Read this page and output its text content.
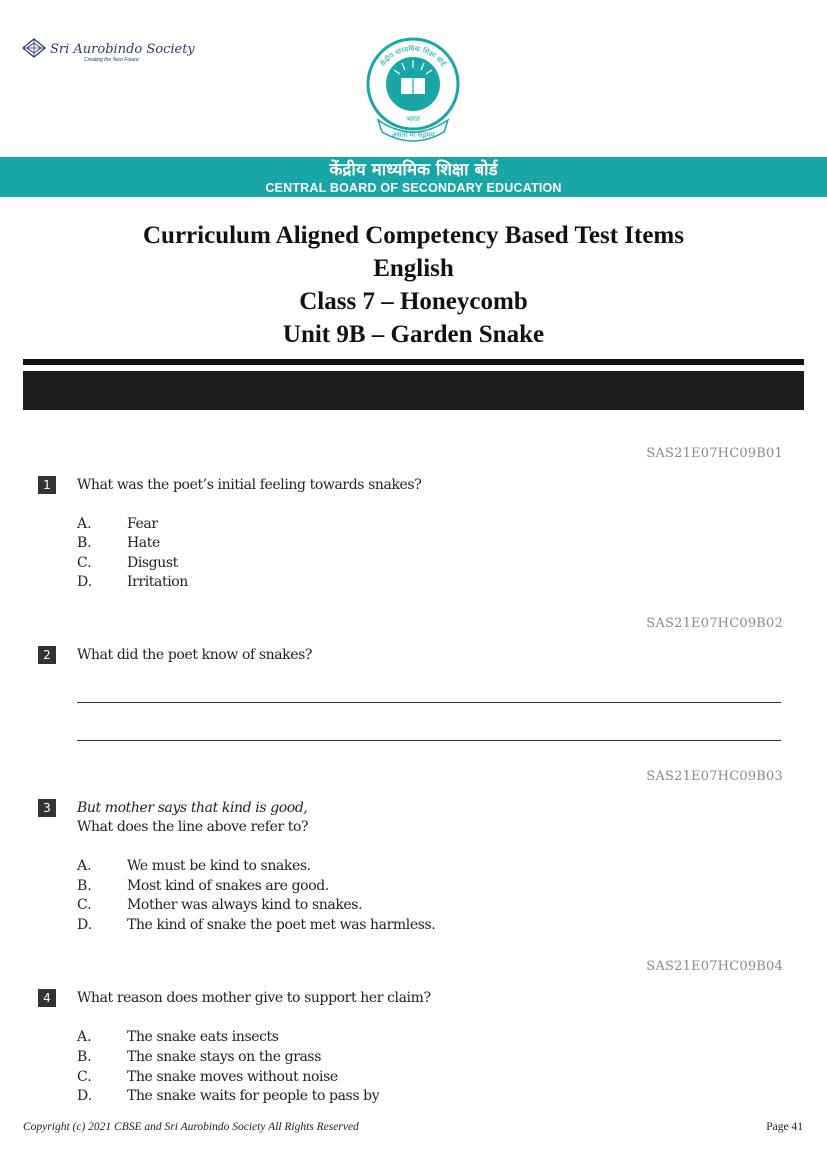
Sri Aurobindo Society
Creating the Next Future	केंद्रीय माध्यमिक शिक्षा बोर्ड
भारत
असतो मा सद्गमय
केंद्रीय माध्यमिक शिक्षा बोर्ड
CENTRAL BOARD OF SECONDARY EDUCATION
Curriculum Aligned Competency Based Test Items
English
Class 7 – Honeycomb
Unit 9B – Garden Snake
SAS21E07HC09B01
1	What was the poet’s initial feeling towards snakes?
A.	Fear
B.	Hate
C.	Disgust
D. Irritation
SAS21E07HC09B02
2	What did the poet know of snakes?
SAS21E07HC09B03
3	But mother says that kind is good,
What does the line above refer to?
A.	We must be kind to snakes.
B.	Most kind of snakes are good.
C.	Mother was always kind to snakes.
D. The kind of snake the poet met was harmless.
SAS21E07HC09B04
4	What reason does mother give to support her claim?
A.	The snake eats insects
B.	The snake stays on the grass
C.	The snake moves without noise
D. The snake waits for people to pass by
Copyright (c) 2021 CBSE and Sri Aurobindo Society All Rights Reserved	Page 41
